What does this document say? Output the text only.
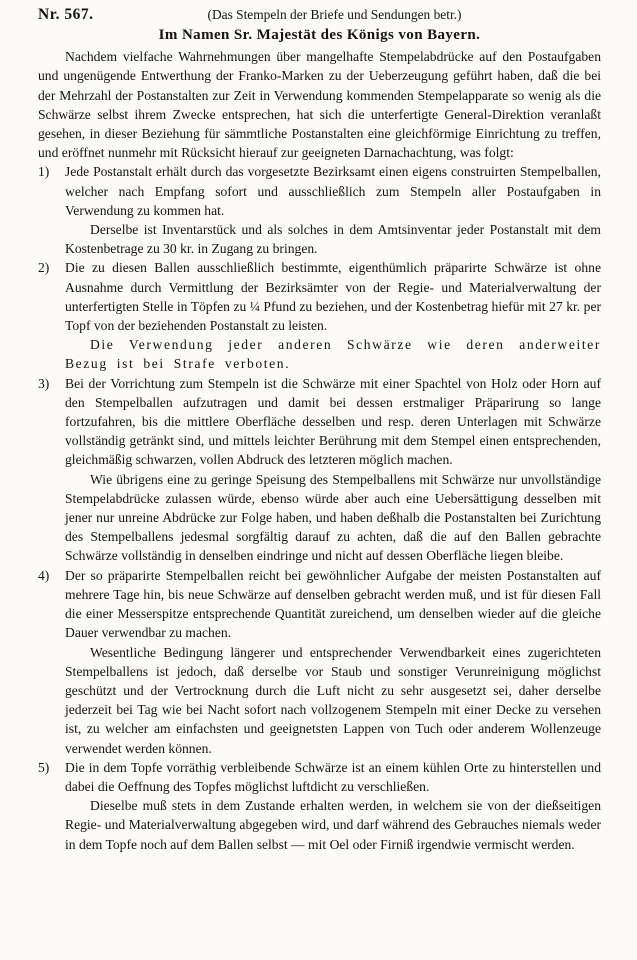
Nr. 567.	(Das Stempeln der Briefe und Sendungen betr.)
Im Namen Sr. Majestät des Königs von Bayern.

Nachdem vielfache Wahrnehmungen über mangelhafte Stempelabdrücke auf den Postaufgaben und ungenügende Entwerthung der Franko-Marken zu der Ueberzeugung geführt haben, daß die bei der Mehrzahl der Postanstalten zur Zeit in Verwendung kommenden Stempelapparate so wenig als die Schwärze selbst ihrem Zwecke entsprechen, hat sich die unterfertigte General-Direktion veranlaßt gesehen, in dieser Beziehung für sämmtliche Postanstalten eine gleichförmige Einrichtung zu treffen, und eröffnet nunmehr mit Rücksicht hierauf zur geeigneten Darnachachtung, was folgt:

1)	Jede Postanstalt erhält durch das vorgesetzte Bezirksamt einen eigens construirten Stempelballen, welcher nach Empfang sofort und ausschließlich zum Stempeln aller Postaufgaben in Verwendung zu kommen hat.

Derselbe ist Inventarstück und als solches in dem Amtsinventar jeder Postanstalt mit dem Kostenbetrage zu 30 kr. in Zugang zu bringen.

2)	Die zu diesen Ballen ausschließlich bestimmte, eigenthümlich präparirte Schwärze ist ohne Ausnahme durch Vermittlung der Bezirksämter von der Regie- und Materialverwaltung der unterfertigten Stelle in Töpfen zu ¼ Pfund zu beziehen, und der Kostenbetrag hiefür mit 27 kr. per Topf von der beziehenden Postanstalt zu leisten.

Die Verwendung jeder anderen Schwärze wie deren anderweiter Bezug ist bei Strafe verboten.

3)	Bei der Vorrichtung zum Stempeln ist die Schwärze mit einer Spachtel von Holz oder Horn auf den Stempelballen aufzutragen und damit bei dessen erstmaliger Präparirung so lange fortzufahren, bis die mittlere Oberfläche desselben und resp. deren Unterlagen mit Schwärze vollständig getränkt sind, und mittels leichter Berührung mit dem Stempel einen entsprechenden, gleichmäßig schwarzen, vollen Abdruck des letzteren möglich machen.

Wie übrigens eine zu geringe Speisung des Stempelballens mit Schwärze nur unvollständige Stempelabdrücke zulassen würde, ebenso würde aber auch eine Uebersättigung desselben mit jener nur unreine Abdrücke zur Folge haben, und haben deßhalb die Postanstalten bei Zurichtung des Stempelballens jedesmal sorgfältig darauf zu achten, daß die auf den Ballen gebrachte Schwärze vollständig in denselben eindringe und nicht auf dessen Oberfläche liegen bleibe.

4)	Der so präparirte Stempelballen reicht bei gewöhnlicher Aufgabe der meisten Postanstalten auf mehrere Tage hin, bis neue Schwärze auf denselben gebracht werden muß, und ist für diesen Fall die einer Messerspitze entsprechende Quantität zureichend, um denselben wieder auf die gleiche Dauer verwendbar zu machen.

Wesentliche Bedingung längerer und entsprechender Verwendbarkeit eines zugerichteten Stempelballens ist jedoch, daß derselbe vor Staub und sonstiger Verunreinigung möglichst geschützt und der Vertrocknung durch die Luft nicht zu sehr ausgesetzt sei, daher derselbe jederzeit bei Tag wie bei Nacht sofort nach vollzogenem Stempeln mit einer Decke zu versehen ist, zu welcher am einfachsten und geeignetsten Lappen von Tuch oder anderem Wollenzeuge verwendet werden können.

5)	Die in dem Topfe vorräthig verbleibende Schwärze ist an einem kühlen Orte zu hinterstellen und dabei die Oeffnung des Topfes möglichst luftdicht zu verschließen.

Dieselbe muß stets in dem Zustande erhalten werden, in welchem sie von der dießseitigen Regie- und Materialverwaltung abgegeben wird, und darf während des Gebrauches niemals weder in dem Topfe noch auf dem Ballen selbst — mit Oel oder Firniß irgendwie vermischt werden.
